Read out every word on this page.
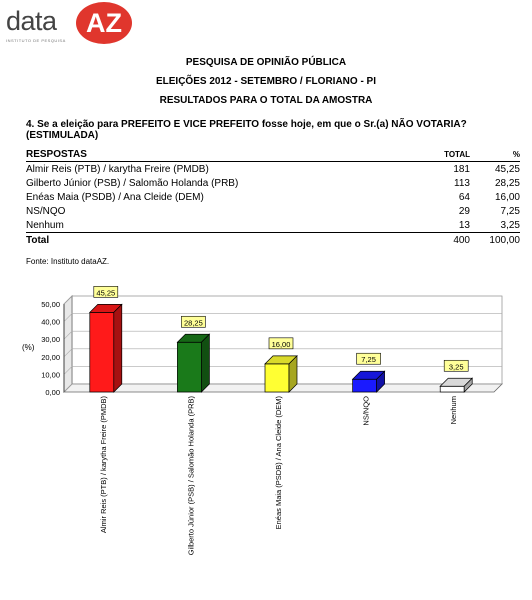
data	AZ
INSTITUTO DE PESQUISA
PESQUISA DE OPINIÃO PÚBLICA
ELEIÇÕES 2012 - SETEMBRO / FLORIANO - PI
RESULTADOS PARA O TOTAL DA AMOSTRA
4. Se a eleição para PREFEITO E VICE PREFEITO fosse hoje, em que o Sr.(a) NÃO VOTARIA?(ESTIMULADA)
RESPOSTAS	TOTAL	%
Almir Reis (PTB) / karytha Freire (PMDB)	181	45,25
Gilberto Júnior (PSB) / Salomão Holanda (PRB)	113	28,25
Enéas Maia (PSDB) / Ana Cleide (DEM)	64	16,00
NS/NQO	29	7,25
Nenhum	13	3,25
Total	400	100,00
Fonte: Instituto dataAZ.
0,00
10,00
20,00
30,00
40,00
50,00
(%)
45,25
Almir Reis (PTB) / karytha Freire (PMDB)
28,25
Gilberto Júnior (PSB) / Salomão Holanda (PRB)
16,00
Enéas Maia (PSDB) / Ana Cleide (DEM)
7,25
NS/NQO
3,25
Nenhum
